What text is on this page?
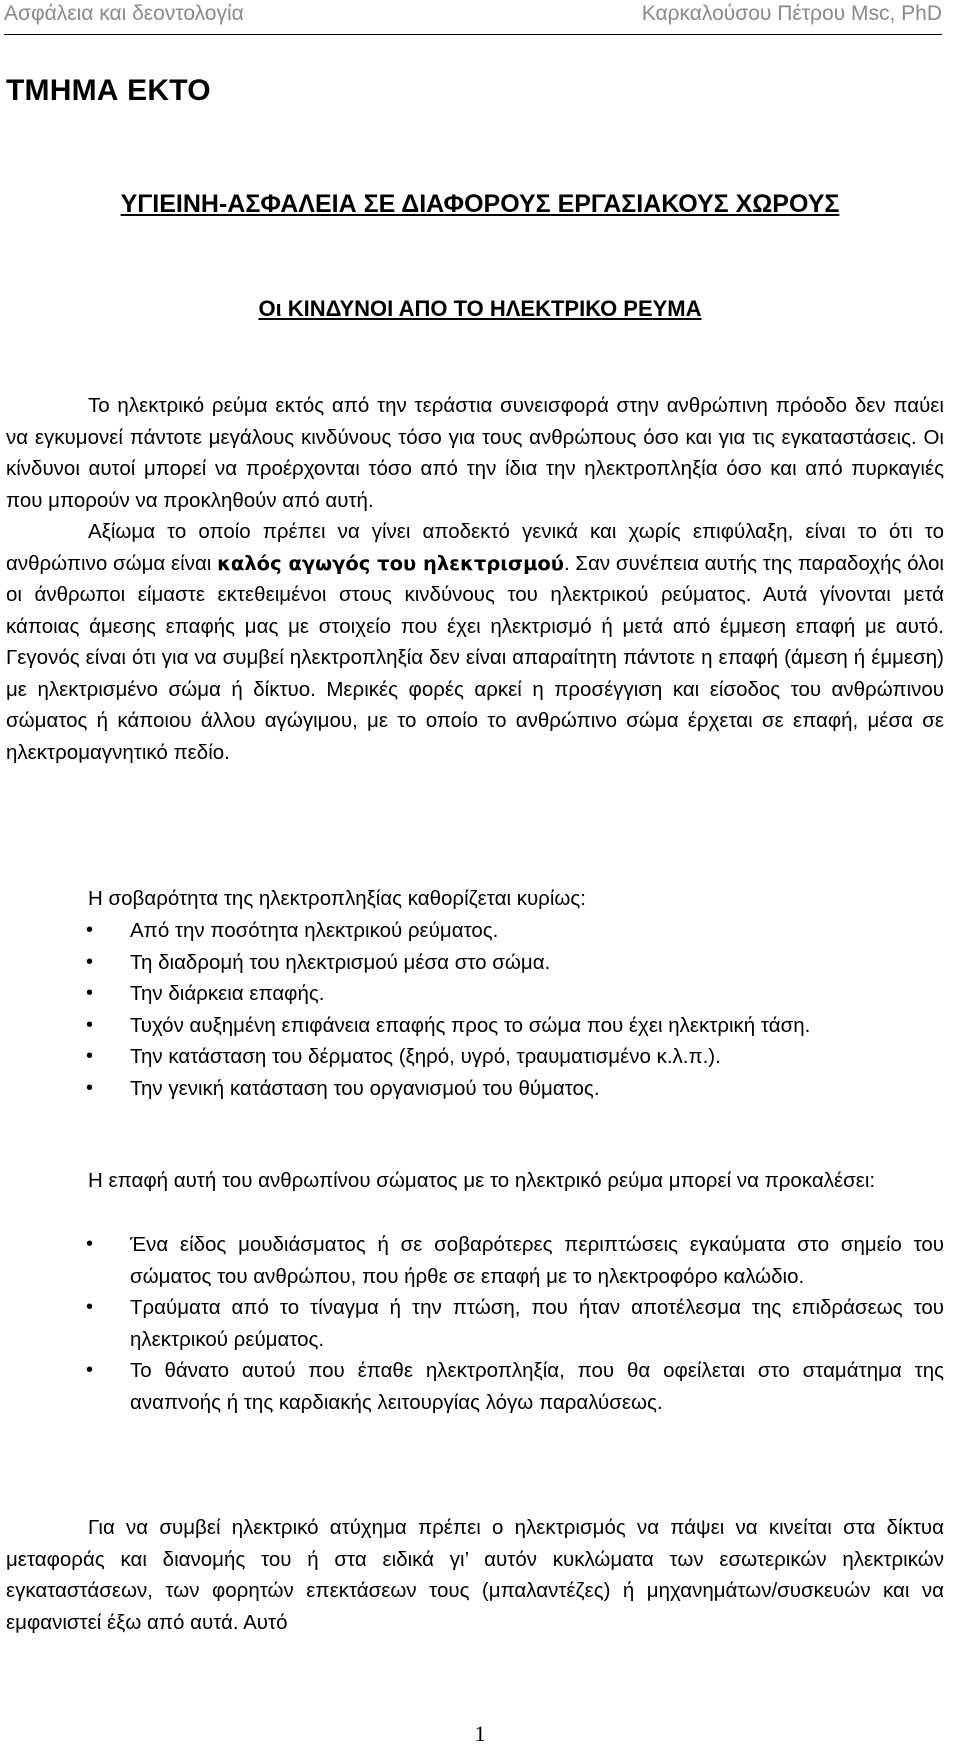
Ασφάλεια και δεοντολογία	Καρκαλούσου Πέτρου Msc, PhD
ΤΜΗΜΑ ΕΚΤΟ
ΥΓΙΕΙΝΗ-ΑΣΦΑΛΕΙΑ ΣΕ ΔΙΑΦΟΡΟΥΣ ΕΡΓΑΣΙΑΚΟΥΣ ΧΩΡΟΥΣ
Οι ΚΙΝΔΥΝΟΙ ΑΠΟ ΤΟ ΗΛΕΚΤΡΙΚΟ ΡΕΥΜΑ

Το ηλεκτρικό ρεύμα εκτός από την τεράστια συνεισφορά στην ανθρώπινη πρόοδο δεν παύει να εγκυμονεί πάντοτε μεγάλους κινδύνους τόσο για τους ανθρώπους όσο και για τις εγκαταστάσεις. Οι κίνδυνοι αυτοί μπορεί να προέρχονται τόσο από την ίδια την ηλεκτροπληξία όσο και από πυρκαγιές που μπορούν να προκληθούν από αυτή.

Αξίωμα το οποίο πρέπει να γίνει αποδεκτό γενικά και χωρίς επιφύλαξη, είναι το ότι το ανθρώπινο σώμα είναι καλός αγωγός του ηλεκτρισμού. Σαν συνέπεια αυτής της παραδοχής όλοι οι άνθρωποι είμαστε εκτεθειμένοι στους κινδύνους του ηλεκτρικού ρεύματος. Αυτά γίνονται μετά κάποιας άμεσης επαφής μας με στοιχείο που έχει ηλεκτρισμό ή μετά από έμμεση επαφή με αυτό. Γεγονός είναι ότι για να συμβεί ηλεκτροπληξία δεν είναι απαραίτητη πάντοτε η επαφή (άμεση ή έμμεση) με ηλεκτρισμένο σώμα ή δίκτυο. Μερικές φορές αρκεί η προσέγγιση και είσοδος του ανθρώπινου σώματος ή κάποιου άλλου αγώγιμου, με το οποίο το ανθρώπινο σώμα έρχεται σε επαφή, μέσα σε ηλεκτρομαγνητικό πεδίο.

Η σοβαρότητα της ηλεκτροπληξίας καθορίζεται κυρίως:

• Από την ποσότητα ηλεκτρικού ρεύματος.
• Τη διαδρομή του ηλεκτρισμού μέσα στο σώμα.
• Την διάρκεια επαφής.
• Τυχόν αυξημένη επιφάνεια επαφής προς το σώμα που έχει ηλεκτρική τάση.
• Την κατάσταση του δέρματος (ξηρό, υγρό, τραυματισμένο κ.λ.π.).
• Την γενική κατάσταση του οργανισμού του θύματος.

Η επαφή αυτή του ανθρωπίνου σώματος με το ηλεκτρικό ρεύμα μπορεί να προκαλέσει:

• Ένα είδος μουδιάσματος ή σε σοβαρότερες περιπτώσεις εγκαύματα στο σημείο του σώματος του ανθρώπου, που ήρθε σε επαφή με το ηλεκτροφόρο καλώδιο.
• Τραύματα από το τίναγμα ή την πτώση, που ήταν αποτέλεσμα της επιδράσεως του ηλεκτρικού ρεύματος.
• Το θάνατο αυτού που έπαθε ηλεκτροπληξία, που θα οφείλεται στο σταμάτημα της αναπνοής ή της καρδιακής λειτουργίας λόγω παραλύσεως.

Για να συμβεί ηλεκτρικό ατύχημα πρέπει ο ηλεκτρισμός να πάψει να κινείται στα δίκτυα μεταφοράς και διανομής του ή στα ειδικά γι’ αυτόν κυκλώματα των εσωτερικών ηλεκτρικών εγκαταστάσεων, των φορητών επεκτάσεων τους (μπαλαντέζες) ή μηχανημάτων/συσκευών και να εμφανιστεί έξω από αυτά. Αυτό

1
